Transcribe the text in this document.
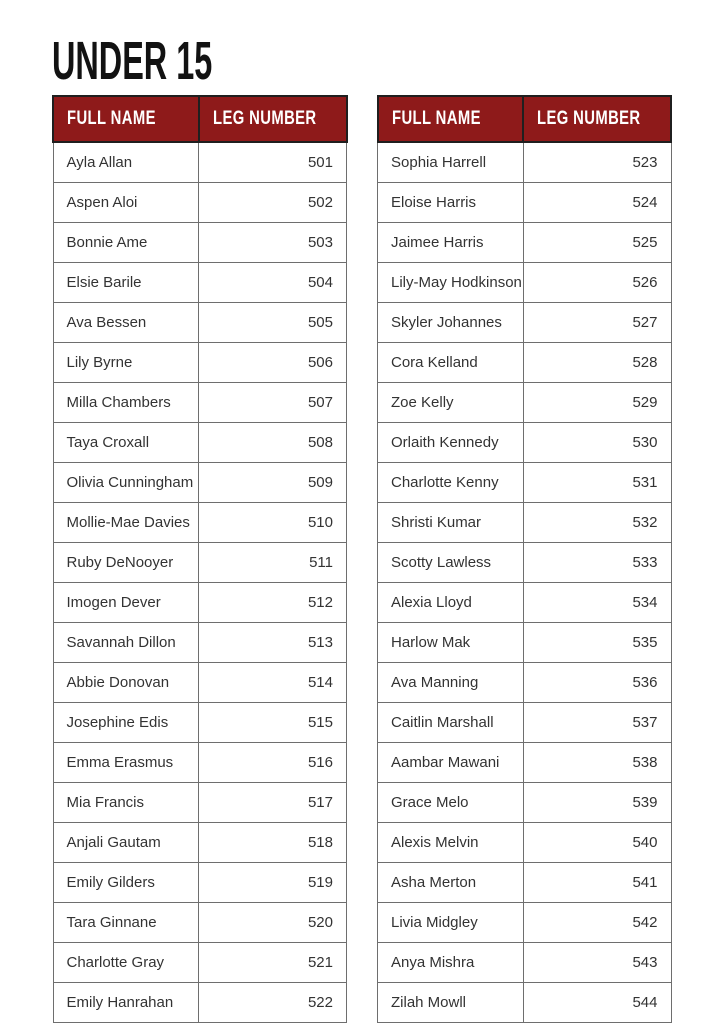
UNDER 15
FULL NAME	LEG NUMBER
Ayla Allan	501
Aspen Aloi	502
Bonnie Ame	503
Elsie Barile	504
Ava Bessen	505
Lily Byrne	506
Milla Chambers	507
Taya Croxall	508
Olivia Cunningham	509
Mollie-Mae Davies	510
Ruby DeNooyer	511
Imogen Dever	512
Savannah Dillon	513
Abbie Donovan	514
Josephine Edis	515
Emma Erasmus	516
Mia Francis	517
Anjali Gautam	518
Emily Gilders	519
Tara Ginnane	520
Charlotte Gray	521
Emily Hanrahan	522
FULL NAME	LEG NUMBER
Sophia Harrell	523
Eloise Harris	524
Jaimee Harris	525
Lily-May Hodkinson	526
Skyler Johannes	527
Cora Kelland	528
Zoe Kelly	529
Orlaith Kennedy	530
Charlotte Kenny	531
Shristi Kumar	532
Scotty Lawless	533
Alexia Lloyd	534
Harlow Mak	535
Ava Manning	536
Caitlin Marshall	537
Aambar Mawani	538
Grace Melo	539
Alexis Melvin	540
Asha Merton	541
Livia Midgley	542
Anya Mishra	543
Zilah Mowll	544
